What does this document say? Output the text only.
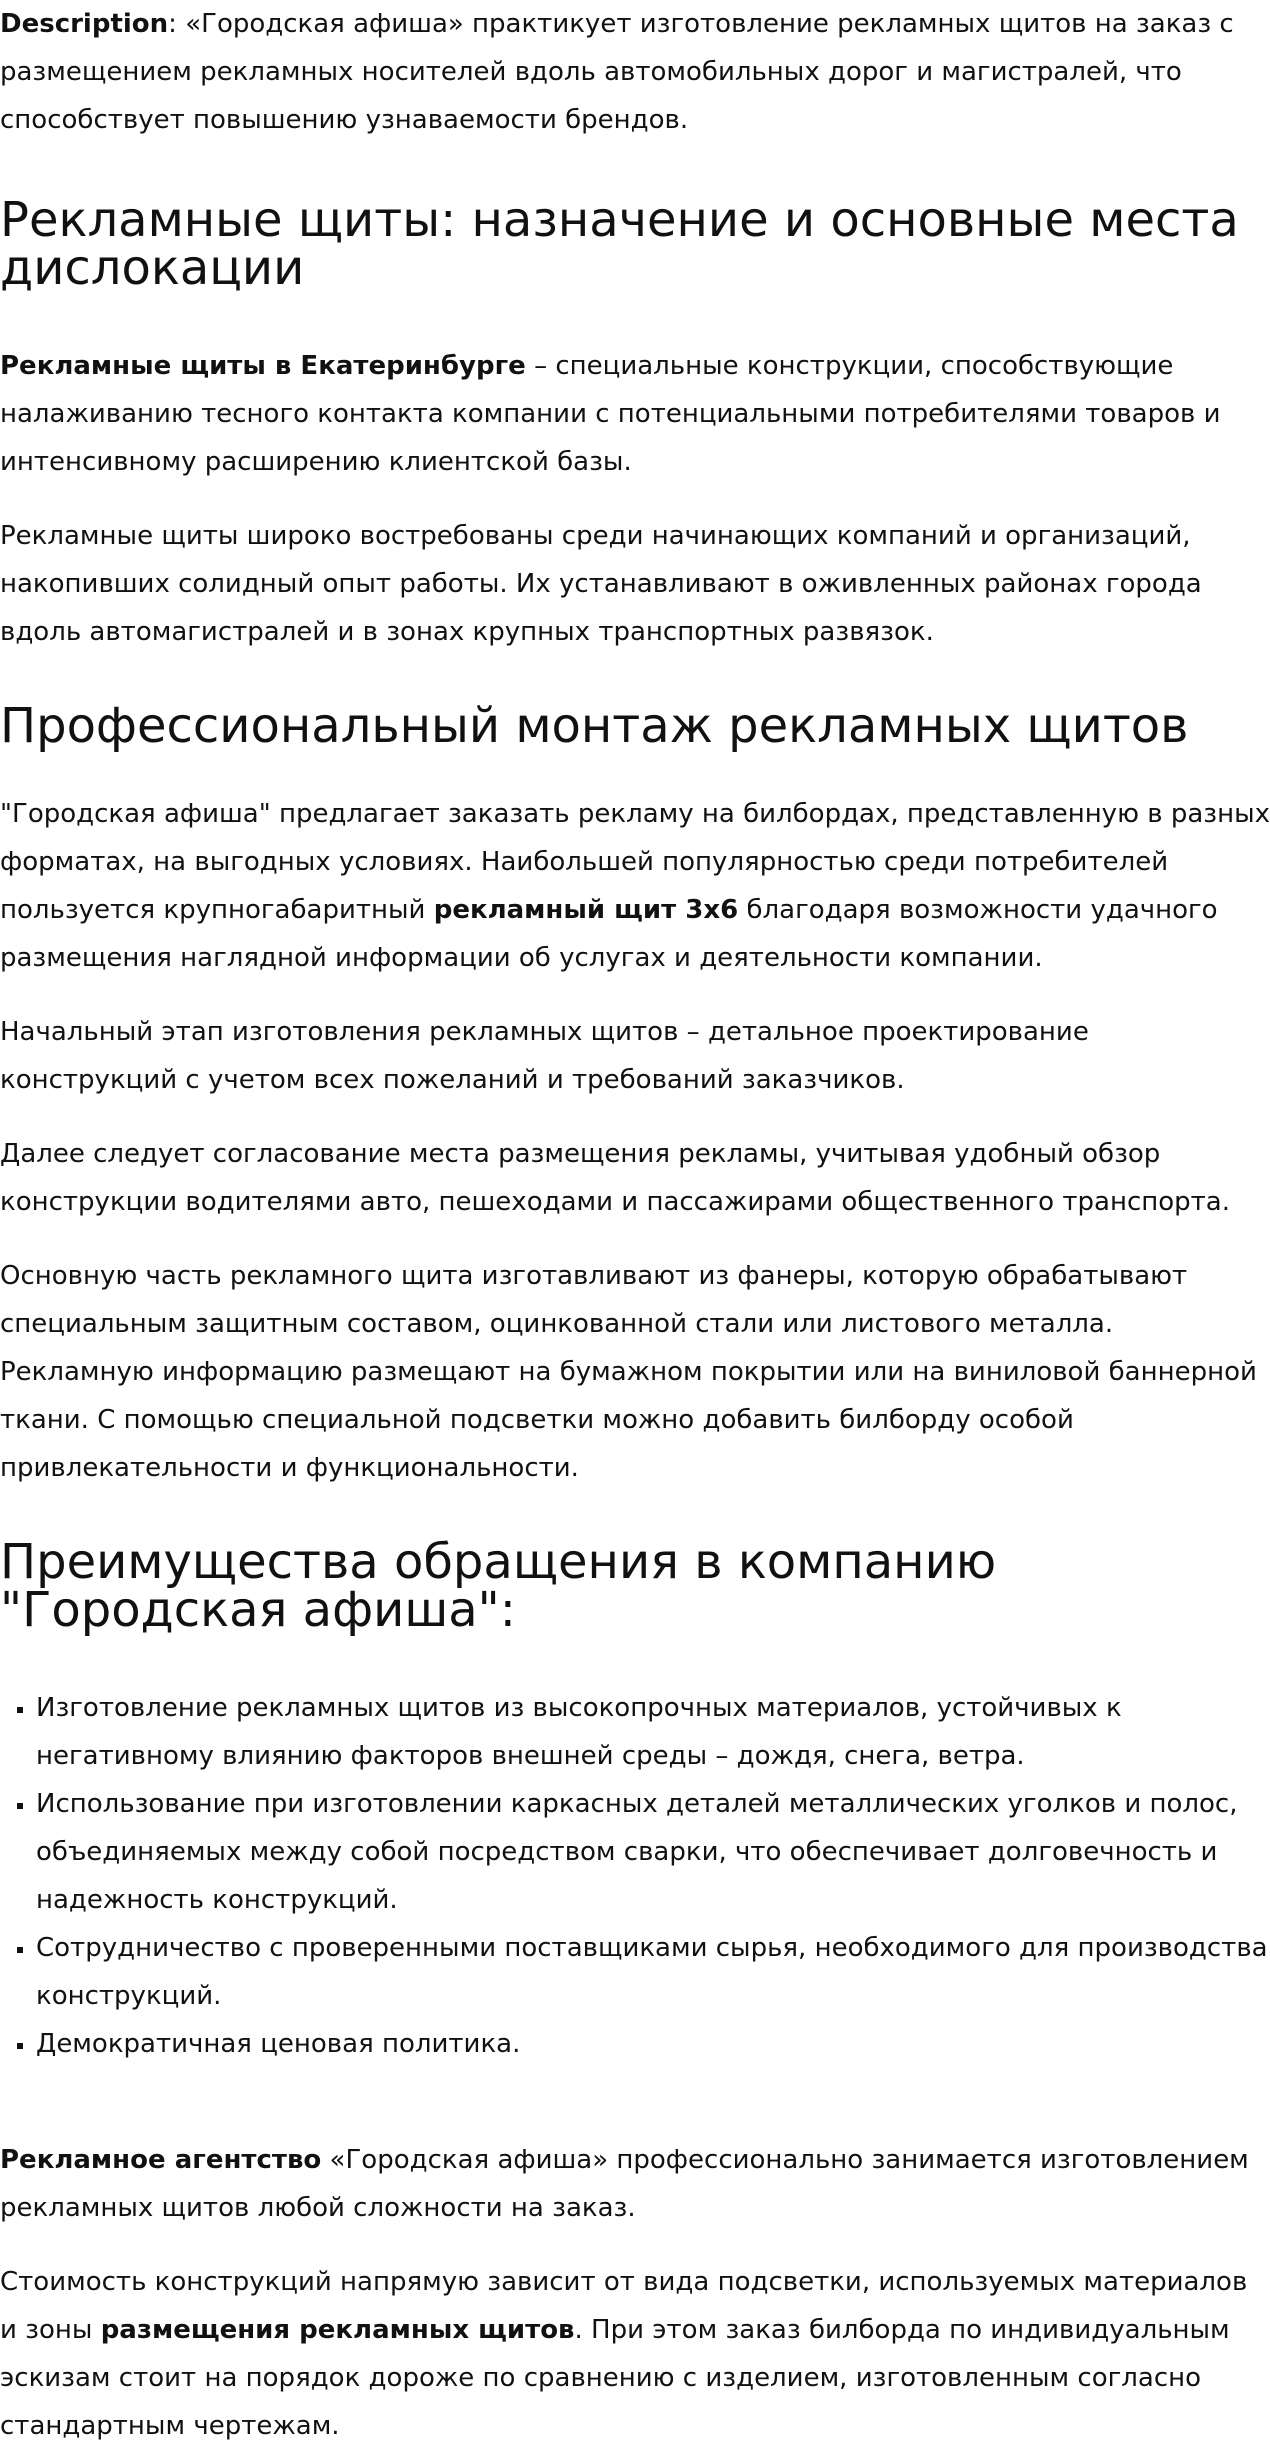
Description: «Городская афиша» практикует изготовление рекламных щитов на заказ с размещением рекламных носителей вдоль автомобильных дорог и магистралей, что способствует повышению узнаваемости брендов.

Рекламные щиты: назначение и основные места дислокации

Рекламные щиты в Екатеринбурге – специальные конструкции, способствующие налаживанию тесного контакта компании с потенциальными потребителями товаров и интенсивному расширению клиентской базы.

Рекламные щиты широко востребованы среди начинающих компаний и организаций, накопивших солидный опыт работы. Их устанавливают в оживленных районах города вдоль автомагистралей и в зонах крупных транспортных развязок.

Профессиональный монтаж рекламных щитов

"Городская афиша" предлагает заказать рекламу на билбордах, представленную в разных форматах, на выгодных условиях. Наибольшей популярностью среди потребителей пользуется крупногабаритный рекламный щит 3х6 благодаря возможности удачного размещения наглядной информации об услугах и деятельности компании.

Начальный этап изготовления рекламных щитов – детальное проектирование конструкций с учетом всех пожеланий и требований заказчиков.

Далее следует согласование места размещения рекламы, учитывая удобный обзор конструкции водителями авто, пешеходами и пассажирами общественного транспорта.

Основную часть рекламного щита изготавливают из фанеры, которую обрабатывают специальным защитным составом, оцинкованной стали или листового металла. Рекламную информацию размещают на бумажном покрытии или на виниловой баннерной ткани. С помощью специальной подсветки можно добавить билборду особой привлекательности и функциональности.

Преимущества обращения в компанию "Городская афиша":
▪ Изготовление рекламных щитов из высокопрочных материалов, устойчивых к негативному влиянию факторов внешней среды – дождя, снега, ветра.
▪ Использование при изготовлении каркасных деталей металлических уголков и полос, объединяемых между собой посредством сварки, что обеспечивает долговечность и надежность конструкций.
▪ Сотрудничество с проверенными поставщиками сырья, необходимого для производства конструкций.
▪ Демократичная ценовая политика.

Рекламное агентство «Городская афиша» профессионально занимается изготовлением рекламных щитов любой сложности на заказ.

Стоимость конструкций напрямую зависит от вида подсветки, используемых материалов и зоны размещения рекламных щитов. При этом заказ билборда по индивидуальным эскизам стоит на порядок дороже по сравнению с изделием, изготовленным согласно стандартным чертежам.
